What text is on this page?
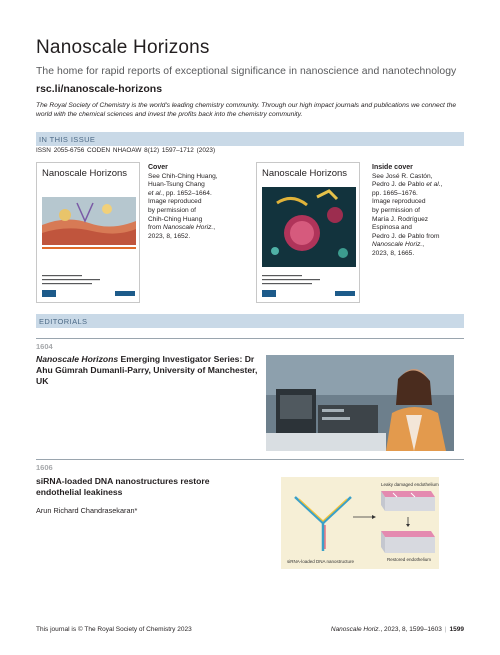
Nanoscale Horizons
The home for rapid reports of exceptional significance in nanoscience and nanotechnology
rsc.li/nanoscale-horizons
The Royal Society of Chemistry is the world's leading chemistry community. Through our high impact journals and publications we connect the world with the chemical sciences and invest the profits back into the chemistry community.
IN THIS ISSUE
ISSN 2055-6756 CODEN NHAOAW 8(12) 1597–1712 (2023)
Nanoscale Horizons
Cover
See Chih-Ching Huang,
Huan-Tsung Chang
et al., pp. 1652–1664.
Image reproduced
by permission of
Chih-Ching Huang
from Nanoscale Horiz.,
2023, 8, 1652.
Nanoscale Horizons
Inside cover
See José R. Castón,
Pedro J. de Pablo et al.,
pp. 1665–1676.
Image reproduced
by permission of
María J. Rodríguez
Espinosa and
Pedro J. de Pablo from
Nanoscale Horiz.,
2023, 8, 1665.
EDITORIALS
1604
Nanoscale Horizons Emerging Investigator Series: Dr Ahu Gümrah Dumanli-Parry, University of Manchester, UK
1606
siRNA-loaded DNA nanostructures restore endothelial leakiness
Arun Richard Chandrasekaran*
Leaky damaged endothelium
Restored endothelium
siRNA-loaded DNA nanostructure
This journal is © The Royal Society of Chemistry 2023	Nanoscale Horiz., 2023, 8, 1599–1603 | 1599
